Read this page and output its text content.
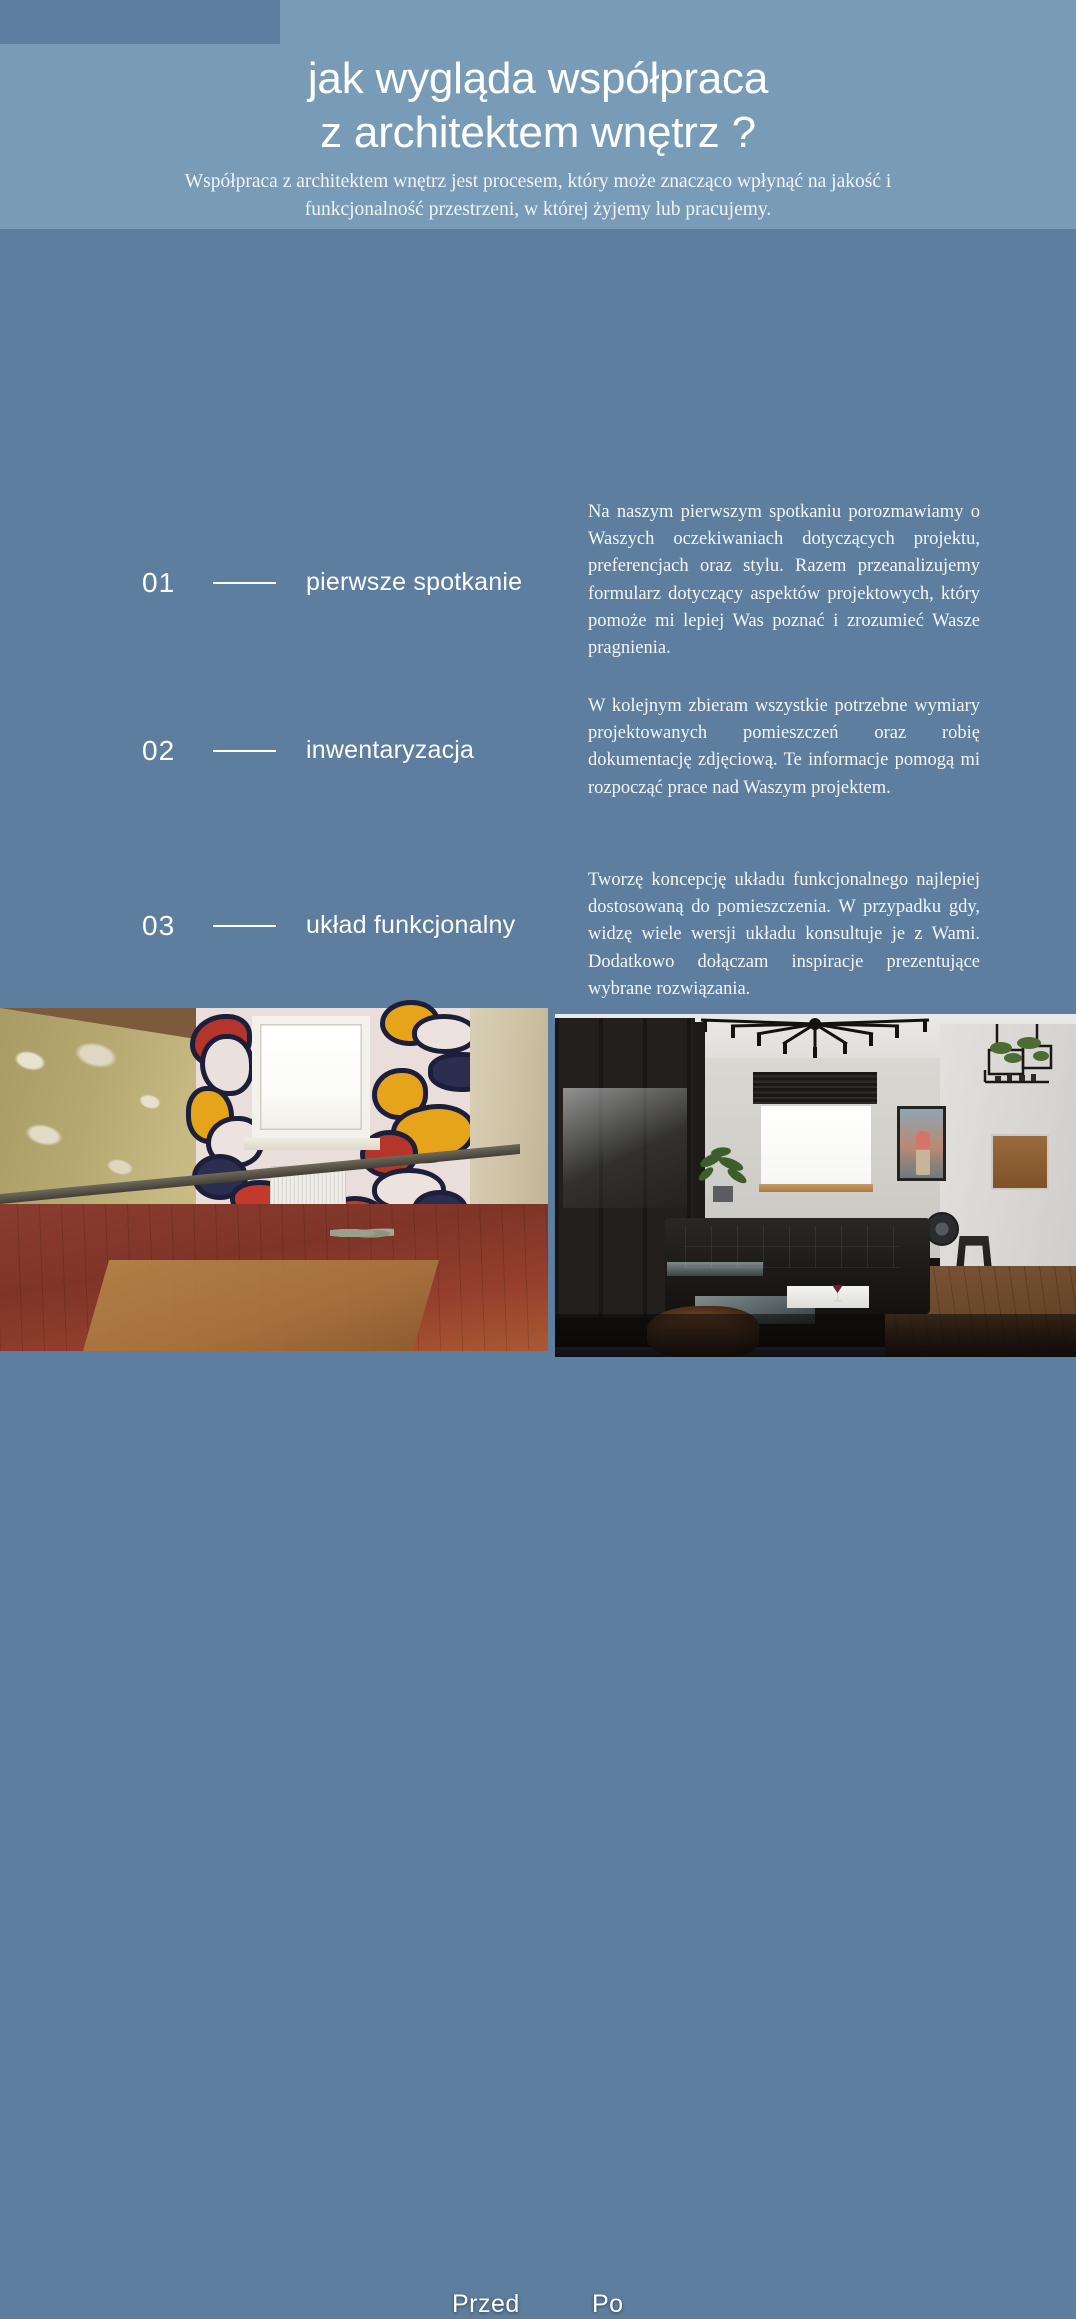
jak wygląda współpraca
z architektem wnętrz ?
Współpraca z architektem wnętrz jest procesem, który może znacząco wpłynąć na jakość i
funkcjonalność przestrzeni, w której żyjemy lub pracujemy.
01	pierwsze spotkanie
Na naszym pierwszym spotkaniu porozmawiamy o Waszych oczekiwaniach dotyczących projektu, preferencjach oraz stylu. Razem przeanalizujemy formularz dotyczący aspektów projektowych, który pomoże mi lepiej Was poznać i zrozumieć Wasze pragnienia.
02	inwentaryzacja
W kolejnym zbieram wszystkie potrzebne wymiary projektowanych pomieszczeń oraz robię dokumentację zdjęciową. Te informacje pomogą mi rozpocząć prace nad Waszym projektem.
03	układ funkcjonalny
Tworzę koncepcję układu funkcjonalnego najlepiej dostosowaną do pomieszczenia. W przypadku gdy, widzę wiele wersji układu konsultuje je z Wami. Dodatkowo dołączam inspiracje prezentujące wybrane rozwiązania.
Przed	Po
